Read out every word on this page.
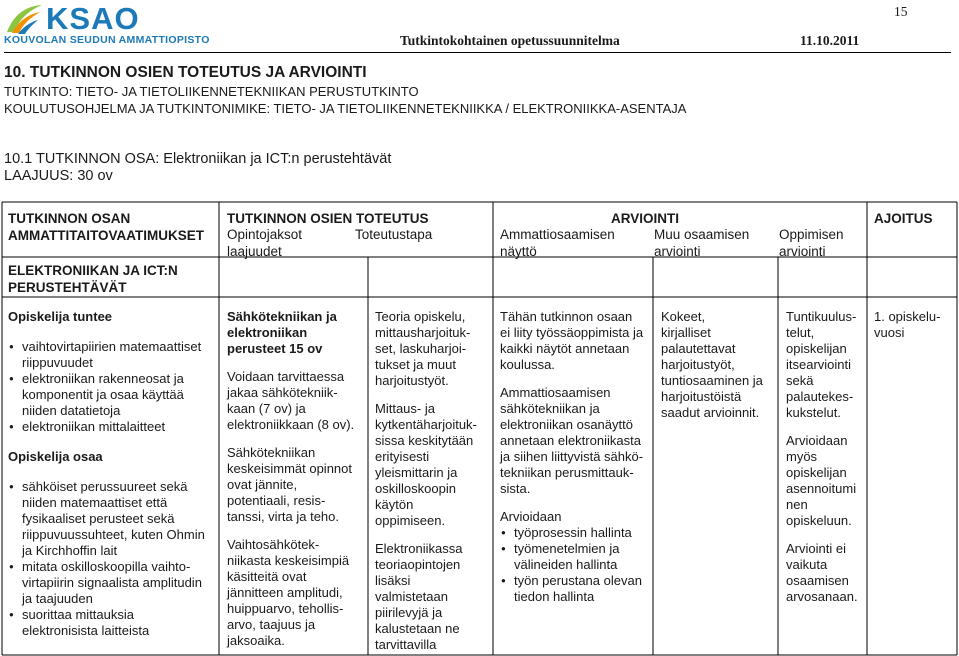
KSAO
KOUVOLAN SEUDUN AMMATTIOPISTO
15
Tutkintokohtainen opetussuunnitelma	11.10.2011
10. TUTKINNON OSIEN TOTEUTUS JA ARVIOINTI
TUTKINTO: TIETO- JA TIETOLIIKENNETEKNIIKAN PERUSTUTKINTO
KOULUTUSOHJELMA JA TUTKINTONIMIKE: TIETO- JA TIETOLIIKENNETEKNIIKKA / ELEKTRONIIKKA-ASENTAJA
10.1 TUTKINNON OSA: Elektroniikan ja ICT:n perustehtävät
LAAJUUS: 30 ov
TUTKINNON OSAN
AMMATTITAITOVAATIMUKSET
TUTKINNON OSIEN TOTEUTUS
Opintojaksot
laajuudet
Toteutustapa
ARVIOINTI
Ammattiosaamisen
näyttö
Muu osaamisen
arviointi
Oppimisen
arviointi
AJOITUS
ELEKTRONIIKAN JA ICT:N
PERUSTEHTÄVÄT
Opiskelija tuntee
● vaihtovirtapiirien matemaattiset
riippuvuudet
● elektroniikan rakenneosat ja
komponentit ja osaa käyttää
niiden datatietoja
● elektroniikan mittalaitteet
Opiskelija osaa
● sähköiset perussuureet sekä
niiden matemaattiset että
fysikaaliset perusteet sekä
riippuvuussuhteet, kuten Ohmin
ja Kirchhoffin lait
● mitata oskilloskoopilla vaihto-
virtapiirin signaalista amplitudin
ja taajuuden
● suorittaa mittauksia
elektronisista laitteista
Sähkötekniikan ja
elektroniikan
perusteet 15 ov
Voidaan tarvittaessa
jakaa sähkötekniik-
kaan (7 ov) ja
elektroniikkaan (8 ov).
Sähkötekniikan
keskeisimmät opinnot
ovat jännite,
potentiaali, resis-
tanssi, virta ja teho.
Vaihtosähkötek-
niikasta keskeisimpiä
käsitteitä ovat
jännitteen amplitudi,
huippuarvo, tehollis-
arvo, taajuus ja
jaksoaika.
Teoria opiskelu,
mittausharjoituk-
set, laskuharjoi-
tukset ja muut
harjoitustyöt.
Mittaus- ja
kytkentäharjoituk-
sissa keskitytään
erityisesti
yleismittarin ja
oskilloskoopin
käytön
oppimiseen.
Elektroniikassa
teoriaopintojen
lisäksi
valmistetaan
piirilevyjä ja
kalustetaan ne
tarvittavilla
Tähän tutkinnon osaan
ei liity työssäoppimista ja
kaikki näytöt annetaan
koulussa.
Ammattiosaamisen
sähkötekniikan ja
elektroniikan osanäyttö
annetaan elektroniikasta
ja siihen liittyvistä sähkö-
tekniikan perusmittauk-
sista.
Arvioidaan
● työprosessin hallinta
● työmenetelmien ja
välineiden hallinta
● työn perustana olevan
tiedon hallinta
Kokeet,
kirjalliset
palautettavat
harjoitustyöt,
tuntiosaaminen ja
harjoitustöistä
saadut arvioinnit.
Tuntikuulus-
telut,
opiskelijan
itsearviointi
sekä
palautekes-
kukstelut.
Arvioidaan
myös
opiskelijan
asennoitumi
nen
opiskeluun.
Arviointi ei
vaikuta
osaamisen
arvosanaan.
1. opiskelu-
vuosi
